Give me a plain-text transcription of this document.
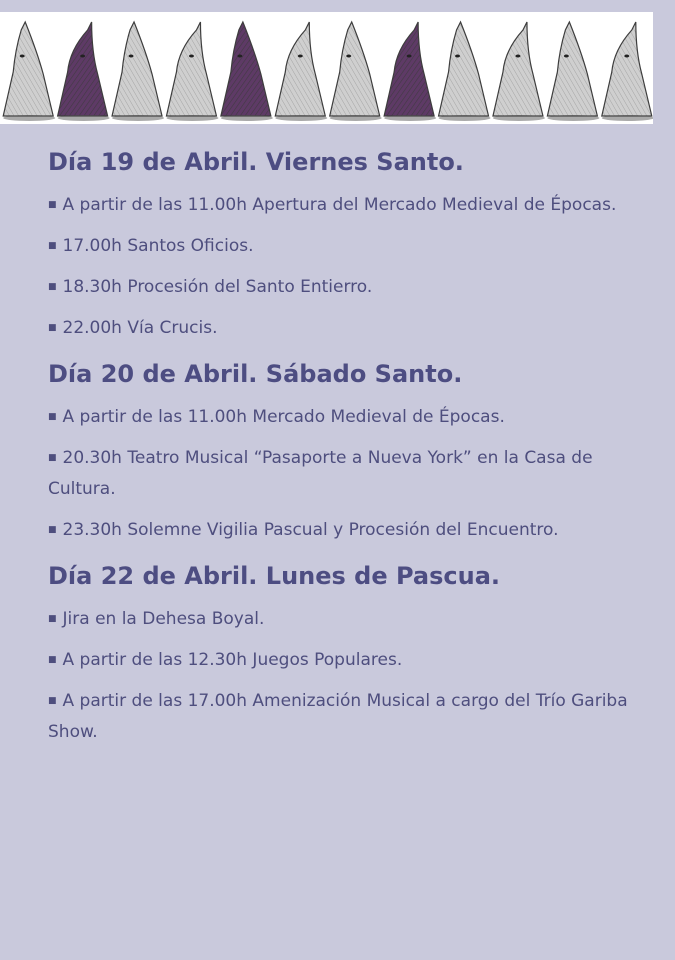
Día 19 de Abril. Viernes Santo.

■ A partir de las 11.00h Apertura del Mercado Medieval de Épocas.

■ 17.00h Santos Oficios.

■ 18.30h Procesión del Santo Entierro.

■ 22.00h Vía Crucis.

Día 20 de Abril. Sábado Santo.

■ A partir de las 11.00h Mercado Medieval de Épocas.

■ 20.30h Teatro Musical “Pasaporte a Nueva York” en la Casa de Cultura.

■ 23.30h Solemne Vigilia Pascual y Procesión del Encuentro.

Día 22 de Abril. Lunes de Pascua.

■ Jira en la Dehesa Boyal.

■ A partir de las 12.30h Juegos Populares.

■ A partir de las 17.00h Amenización Musical a cargo del Trío Gariba Show.
